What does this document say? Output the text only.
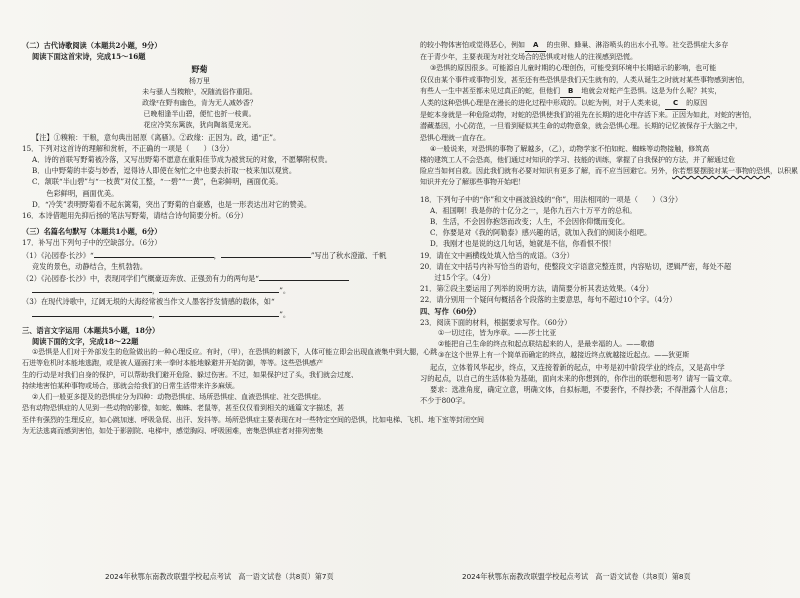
（二）古代诗歌阅读（本题共2小题，9分）
阅读下面这首宋诗，完成15～16题
野菊
杨万里
未与骚人当糗粮¹，况随流俗作重阳。
政缘²在野有幽色，肯为无人减妙香？
已晚相逢半山碧，便忙也折一枝黄。
花应冷笑东篱族，犹向陶翁觅宠光。
【注】①糗粮：干粮，意句典出屈原《离骚》。②政缘：正因为。政，通“正”。
15．下列对这首诗的理解和赏析，不正确的一项是（　　）（3分）
A．诗的首联写野菊被冷落，又写出野菊不愿意在重阳佳节成为被赏玩的对象，不愿攀附权贵。
B．山中野菊的丰姿与妙香，逗得诗人即使在匆忙之中也要去折取一枝来加以观赏。
C．颔联“半山碧”与“一枝黄”对仗工整，“一碧”“一黄”，色彩鲜明，画面优美。
　　色彩鲜明，画面优美。
D．“冷笑”表明野菊看不起东篱菊，突出了野菊的自豪感，也是一形表达出对它的赞美。
16．本诗借题用先抑后扬的笔法写野菊，请结合诗句简要分析。（6分）
（三）名篇名句默写（本题共1小题，6分）
17．补写出下列句子中的空缺部分。（6分）
（1）《沁园春·长沙》“	，	”写出了秋水澄澈、千帆
竞发的景色，动静结合，生机勃勃。
（2）《沁园春·长沙》中，表现同学们气概豪迈奔放、正强劲有力的两句是“
，	”。
（3）在现代诗歌中，辽阔无垠的大海经常被当作文人墨客抒发情感的载体，如“
，	”。
三、语言文字运用（本题共5小题，18分）
阅读下面的文字，完成18～22题
①恐惧是人们对于外部发生的危险做出的一种心理反应。有时，（甲），在恐惧的刺激下，人体可能立即会出现血液集中到大腿，心跳
石迸等危机时本能地逃跑，或是被人逼面打来一拳时本能地躲避并开始防御，等等。这些恐惧感产
生的行动是对我们自身的保护，可以帮助我们避开危险、躲过伤害。不过，如果保护过了头，我们就会过度、
持续地害怕某种事物或场合，那就会给我们的日常生活带来许多麻烦。
②人们一般更多提及的恐惧症分为四种：动物恐惧症、场所恐惧症、血液恐惧症、社交恐惧症。
恐有动物恐惧症的人见到一些动物的影像，如蛇、蜘蛛、老鼠等，甚至仅仅看到相关的通篇文字描述，甚
至伴有强烈的生理反应，如心跳加速、呼吸急促、出汗、发抖等。场所恐惧症主要表现在对一些特定空间的恐惧，比如电梯、飞机、地下室等封闭空间
为无法逃离而感到害怕，如处于影剧院、电梯中，感觉胸闷、呼吸困难，密集恐惧症者对排列密集
的较小物体害怕或觉得恶心，例如 A 的虫卵、蜂巢、淋浴喷头的出水小孔等。社交恐惧症大多存
在于青少年，主要表现为对社交场合的恐惧或对他人的注视感到恐慌。
③恐惧的原因很多。可能源自儿童时期的心理创伤，可能受到环境中长期暗示的影响，也可能
仅仅由某个事件或事物引发，甚至还有些恐惧是我们天生就有的，人类从诞生之时就对某些事物感到害怕，
有些人一生中甚至都未见过真正的蛇，但他们 B 地就会对蛇产生恐惧。这是为什么呢？其实，
人类的这种恐惧心理是在漫长的进化过程中形成的。以蛇为例，对于人类来说， C 的原因
是蛇本身就是一种危险动物，对蛇的恐惧使我们的祖先在长期的进化中存活下来。正因为如此，对蛇的害怕，
潜藏基因，小心防范，一旦看到疑似其生命的动物意象，就会恐惧心理。长期的记忆被保存于大脑之中，
恐惧心理就一直存在。
④一般说来，对恐惧的事物了解越多，（乙），动物学家不怕如蛇、蜘蛛等动物接触，修筑高
楼的建筑工人不会恐高，他们通过对知识的学习、技能的训练，掌握了自我保护的方法，并了解通过危
险应当如何自救。因此我们就有必要对知识有更多了解，而不应当回避它。另外，你若想要摆脱对某一事物的恐惧，以积累
知识并充分了解那些事物开始吧！
18．下列句子中的“你”和文中画波浪线的“你”，用法相同的一项是（　　）（3分）
A．祖国啊！我是你的十亿分之一，是你九百六十万平方的总和。
B．生活，不会因你抱怨而改变；人生，不会因你仰慨而变化。
C．你要是对《我的阿勒泰》感兴趣的话，就加入我们的阅读小组吧。
D．我刚才也是说的这几句话，她就是不信，你看恨不恨！
19．请在文中画横线处填入恰当的成语。（3分）
20．请在文中括号内补写恰当的语句，使整段文字语意完整连贯，内容贴切，逻辑严密，每处不超
　　过15个字。（4分）
21．第②段主要运用了列举的说明方法，请简要分析其表达效果。（4分）
22．请分别用一个疑问句概括各个段落的主要意思，每句不超过10个字。（4分）
四、写作（60分）
23．阅读下面的材料，根据要求写作。（60分）
①一切过往，皆为序章。——莎士比亚
②能把自己生命的终点和起点联结起来的人，是最幸福的人。——歌德
③在这个世界上有一个简单而确定的终点，越接近终点就越接近起点。——狄更斯
起点，立体着风华起步，终点，又连接着新的起点，中考是初中阶段学业的终点，又是高中学
习的起点，以自己的生活体验为基础，面向未来的你想到的，你作出的联想和思考？请写一篇文章。
要求：选准角度，确定立意，明确文体，自拟标题，不要套作，不得抄袭；不得泄露个人信息；
不少于800字。
2024年秋鄂东南教改联盟学校起点考试　高一语文试卷（共8页）第7页	2024年秋鄂东南教改联盟学校起点考试　高一语文试卷（共8页）第8页
